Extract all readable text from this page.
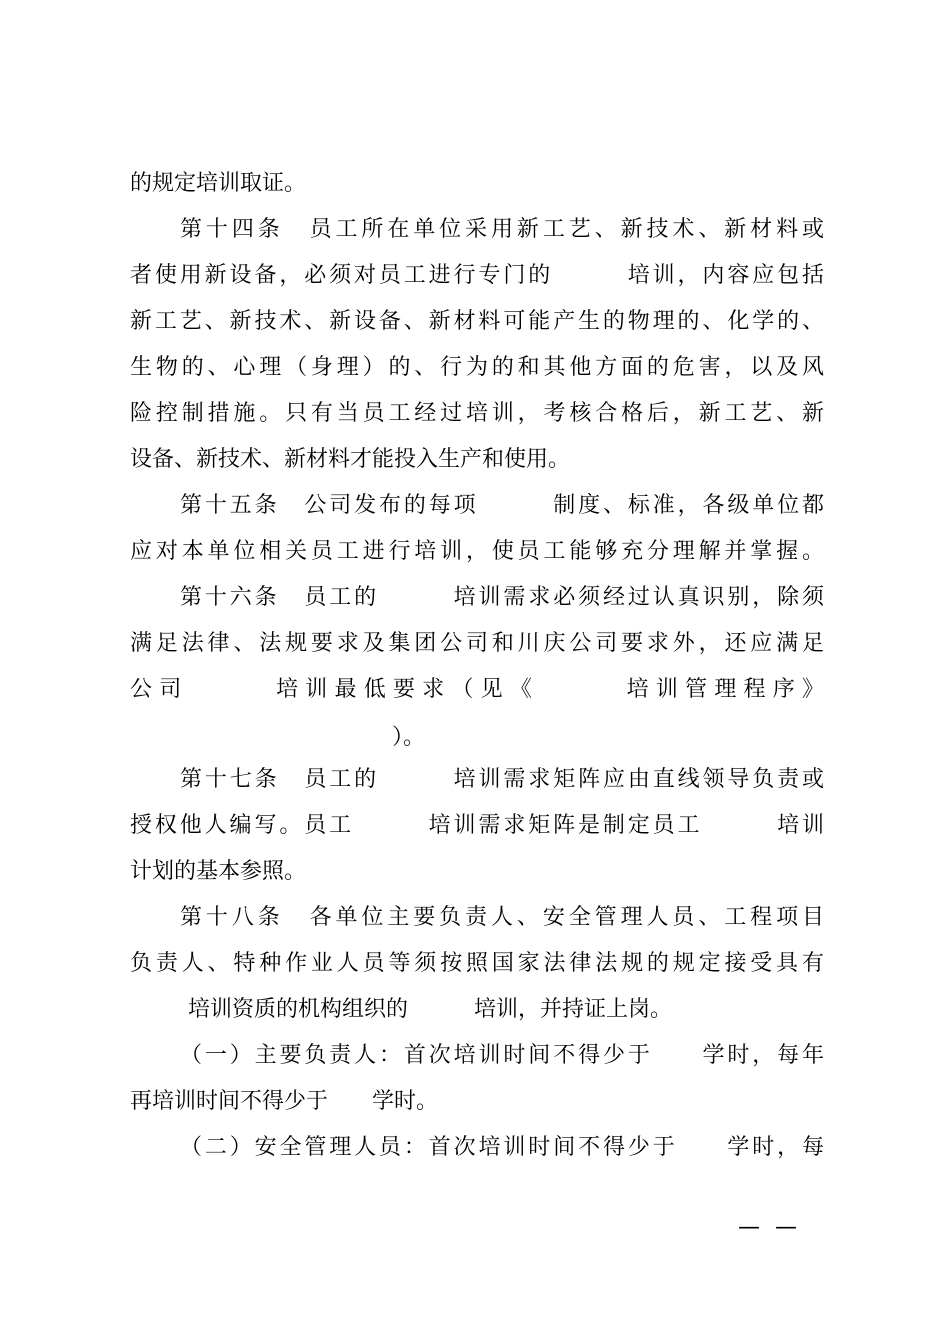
的规定培训取证。
第十四条　员工所在单位采用新工艺、新技术、新材料或
者使用新设备，必须对员工进行专门的　　　培训，内容应包括
新工艺、新技术、新设备、新材料可能产生的物理的、化学的、
生物的、心理（身理）的、行为的和其他方面的危害，以及风
险控制措施。只有当员工经过培训，考核合格后，新工艺、新
设备、新技术、新材料才能投入生产和使用。
第十五条　公司发布的每项　　　制度、标准，各级单位都
应对本单位相关员工进行培训，使员工能够充分理解并掌握。
第十六条　员工的　　　培训需求必须经过认真识别，除须
满足法律、法规要求及集团公司和川庆公司要求外，还应满足
公司　　　培训最低要求（见《　　　培训管理程序》
）。
第十七条　员工的　　　培训需求矩阵应由直线领导负责或
授权他人编写。员工　　　培训需求矩阵是制定员工　　　培训
计划的基本参照。
第十八条　各单位主要负责人、安全管理人员、工程项目
负责人、特种作业人员等须按照国家法律法规的规定接受具有
培训资质的机构组织的　　　培训，并持证上岗。
（一）主要负责人：首次培训时间不得少于　　学时，每年
再培训时间不得少于　　学时。
（二）安全管理人员：首次培训时间不得少于　　学时，每
— —
